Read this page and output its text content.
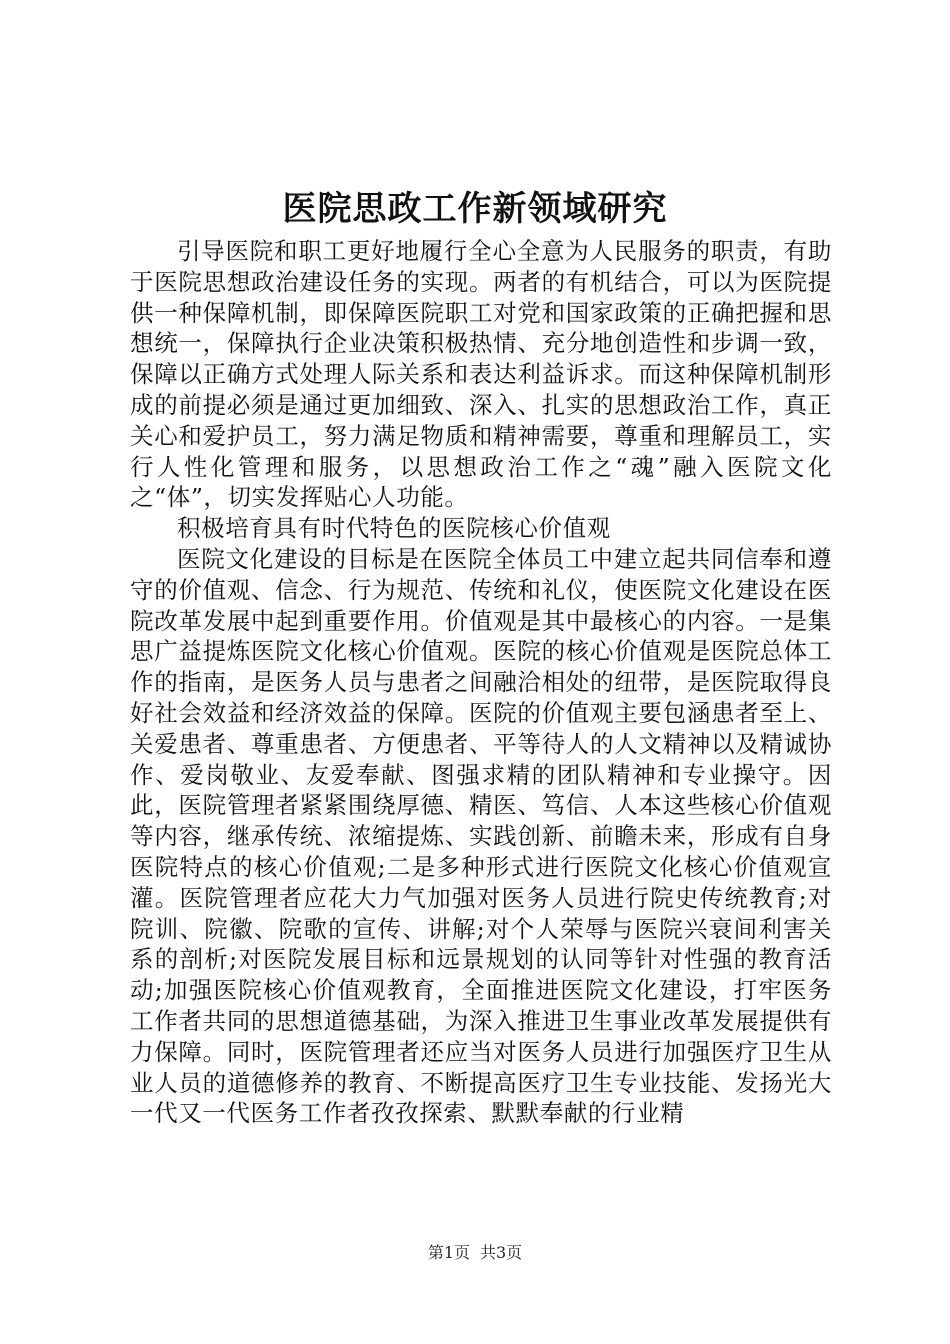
医院思政工作新领域研究

引导医院和职工更好地履行全心全意为人民服务的职责，有助于医院思想政治建设任务的实现。两者的有机结合，可以为医院提供一种保障机制，即保障医院职工对党和国家政策的正确把握和思想统一，保障执行企业决策积极热情、充分地创造性和步调一致，保障以正确方式处理人际关系和表达利益诉求。而这种保障机制形成的前提必须是通过更加细致、深入、扎实的思想政治工作，真正关心和爱护员工，努力满足物质和精神需要，尊重和理解员工，实行人性化管理和服务，以思想政治工作之“魂”融入医院文化之“体”，切实发挥贴心人功能。

积极培育具有时代特色的医院核心价值观

医院文化建设的目标是在医院全体员工中建立起共同信奉和遵守的价值观、信念、行为规范、传统和礼仪，使医院文化建设在医院改革发展中起到重要作用。价值观是其中最核心的内容。一是集思广益提炼医院文化核心价值观。医院的核心价值观是医院总体工作的指南，是医务人员与患者之间融洽相处的纽带，是医院取得良好社会效益和经济效益的保障。医院的价值观主要包涵患者至上、关爱患者、尊重患者、方便患者、平等待人的人文精神以及精诚协作、爱岗敬业、友爱奉献、图强求精的团队精神和专业操守。因此，医院管理者紧紧围绕厚德、精医、笃信、人本这些核心价值观等内容，继承传统、浓缩提炼、实践创新、前瞻未来，形成有自身医院特点的核心价值观;二是多种形式进行医院文化核心价值观宣灌。医院管理者应花大力气加强对医务人员进行院史传统教育;对院训、院徽、院歌的宣传、讲解;对个人荣辱与医院兴衰间利害关系的剖析;对医院发展目标和远景规划的认同等针对性强的教育活动;加强医院核心价值观教育，全面推进医院文化建设，打牢医务工作者共同的思想道德基础，为深入推进卫生事业改革发展提供有力保障。同时，医院管理者还应当对医务人员进行加强医疗卫生从业人员的道德修养的教育、不断提高医疗卫生专业技能、发扬光大一代又一代医务工作者孜孜探索、默默奉献的行业精

第1页 共3页
